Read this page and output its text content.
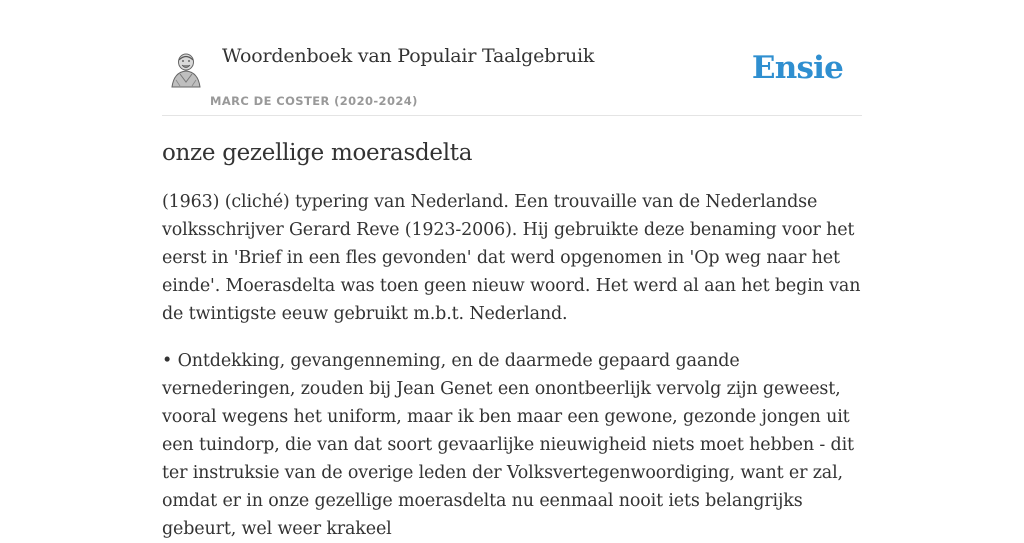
Woordenboek van Populair Taalgebruik
MARC DE COSTER (2020-2024)
Ensie
onze gezellige moerasdelta

(1963) (cliché) typering van Nederland. Een trouvaille van de Nederlandse volksschrijver Gerard Reve (1923-2006). Hij gebruikte deze benaming voor het eerst in 'Brief in een fles gevonden' dat werd opgenomen in 'Op weg naar het einde'. Moerasdelta was toen geen nieuw woord. Het werd al aan het begin van de twintigste eeuw gebruikt m.b.t. Nederland.

• Ontdekking, gevangenneming, en de daarmede gepaard gaande vernederingen, zouden bij Jean Genet een onontbeerlijk vervolg zijn geweest, vooral wegens het uniform, maar ik ben maar een gewone, gezonde jongen uit een tuindorp, die van dat soort gevaarlijke nieuwigheid niets moet hebben - dit ter instruksie van de overige leden der Volksvertegenwoordiging, want er zal, omdat er in onze gezellige moerasdelta nu eenmaal nooit iets belangrijks gebeurt, wel weer krakeel
